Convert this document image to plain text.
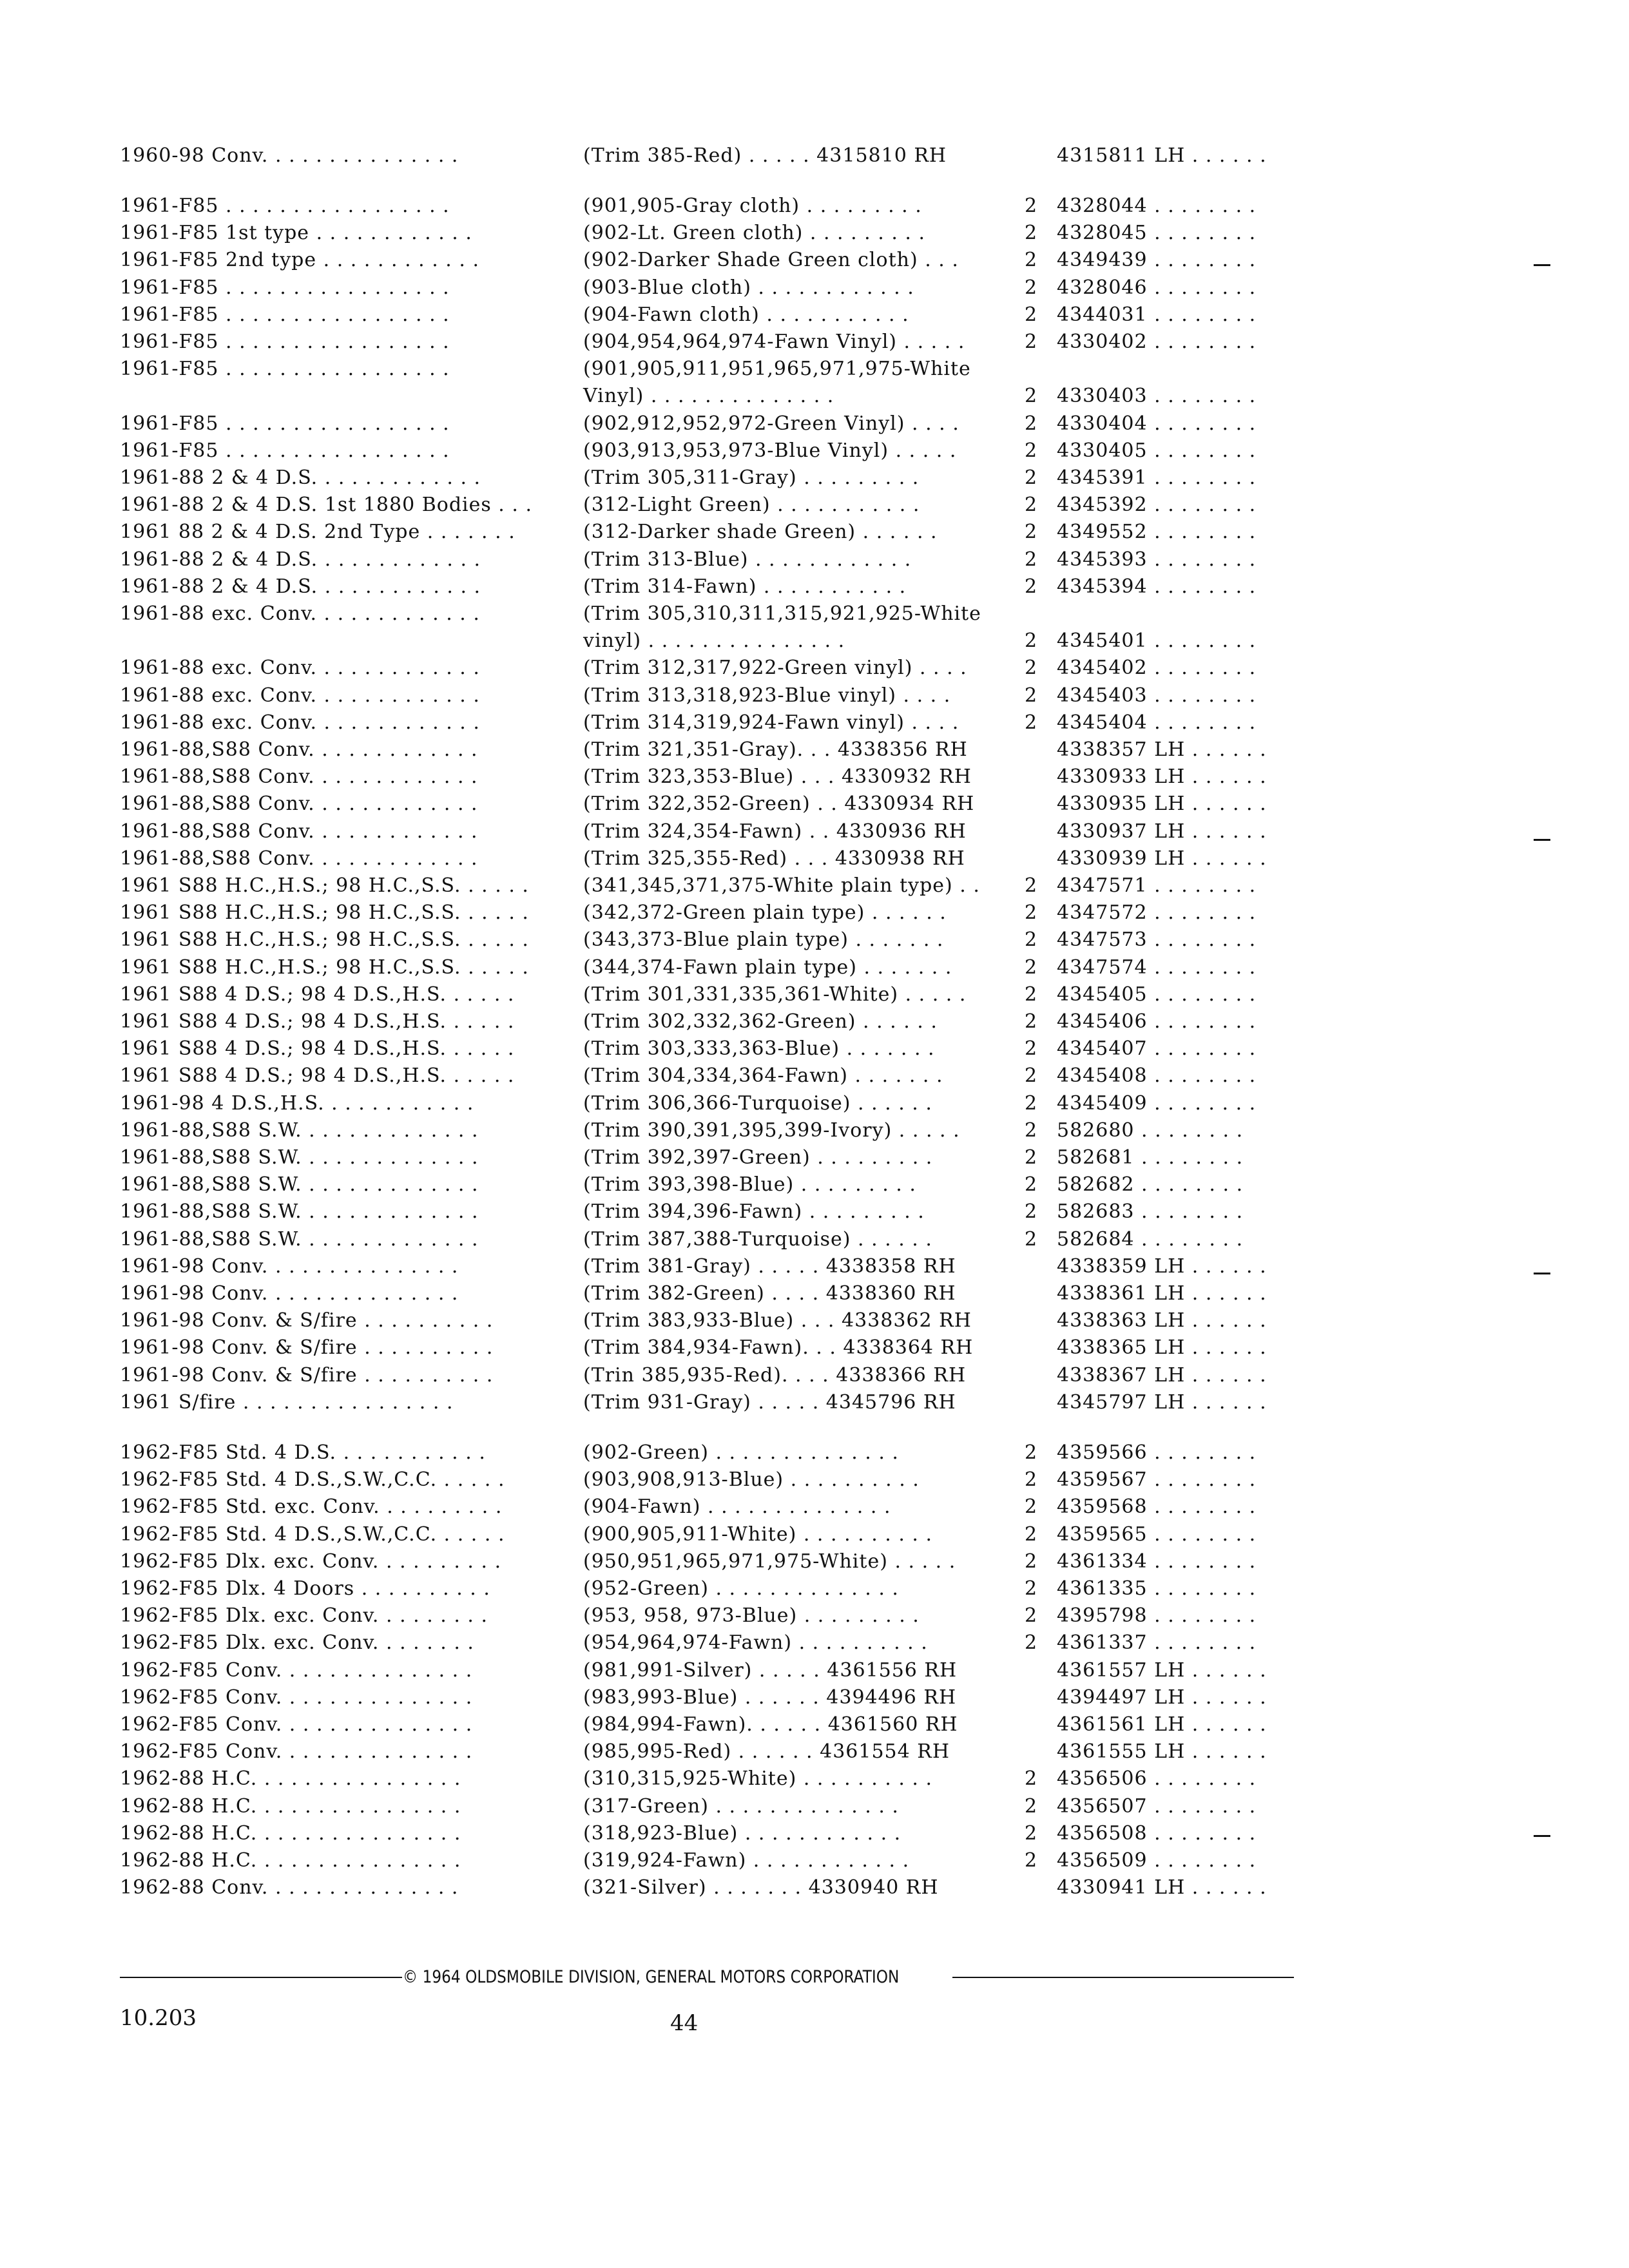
1960-98 Conv. . . . . . . . . . . . . . .	(Trim 385-Red) . . . . . 4315810 RH	4315811 LH . . . . . .
1961-F85 . . . . . . . . . . . . . . . . .	(901,905-Gray cloth) . . . . . . . . .	2 4328044 . . . . . . . .
1961-F85 1st type . . . . . . . . . . . .	(902-Lt. Green cloth) . . . . . . . . .	2 4328045 . . . . . . . .
1961-F85 2nd type . . . . . . . . . . . .	(902-Darker Shade Green cloth) . . .	2 4349439 . . . . . . . .
1961-F85 . . . . . . . . . . . . . . . . .	(903-Blue cloth) . . . . . . . . . . . .	2 4328046 . . . . . . . .
1961-F85 . . . . . . . . . . . . . . . . .	(904-Fawn cloth) . . . . . . . . . . .	2 4344031 . . . . . . . .
1961-F85 . . . . . . . . . . . . . . . . .	(904,954,964,974-Fawn Vinyl) . . . . .	2 4330402 . . . . . . . .
1961-F85 . . . . . . . . . . . . . . . . .	(901,905,911,951,965,971,975-White
Vinyl) . . . . . . . . . . . . . .	2 4330403 . . . . . . . .
1961-F85 . . . . . . . . . . . . . . . . .	(902,912,952,972-Green Vinyl) . . . .	2 4330404 . . . . . . . .
1961-F85 . . . . . . . . . . . . . . . . .	(903,913,953,973-Blue Vinyl) . . . . .	2 4330405 . . . . . . . .
1961-88 2 & 4 D.S. . . . . . . . . . . . .	(Trim 305,311-Gray) . . . . . . . . .	2 4345391 . . . . . . . .
1961-88 2 & 4 D.S. 1st 1880 Bodies . . .	(312-Light Green) . . . . . . . . . . .	2 4345392 . . . . . . . .
1961 88 2 & 4 D.S. 2nd Type . . . . . . .	(312-Darker shade Green) . . . . . .	2 4349552 . . . . . . . .
1961-88 2 & 4 D.S. . . . . . . . . . . . .	(Trim 313-Blue) . . . . . . . . . . . .	2 4345393 . . . . . . . .
1961-88 2 & 4 D.S. . . . . . . . . . . . .	(Trim 314-Fawn) . . . . . . . . . . .	2 4345394 . . . . . . . .
1961-88 exc. Conv. . . . . . . . . . . . .	(Trim 305,310,311,315,921,925-White
vinyl) . . . . . . . . . . . . . . .	2 4345401 . . . . . . . .
1961-88 exc. Conv. . . . . . . . . . . . .	(Trim 312,317,922-Green vinyl) . . . .	2 4345402 . . . . . . . .
1961-88 exc. Conv. . . . . . . . . . . . .	(Trim 313,318,923-Blue vinyl) . . . .	2 4345403 . . . . . . . .
1961-88 exc. Conv. . . . . . . . . . . . .	(Trim 314,319,924-Fawn vinyl) . . . .	2 4345404 . . . . . . . .
1961-88,S88 Conv. . . . . . . . . . . . .	(Trim 321,351-Gray). . . 4338356 RH	4338357 LH . . . . . .
1961-88,S88 Conv. . . . . . . . . . . . .	(Trim 323,353-Blue) . . . 4330932 RH	4330933 LH . . . . . .
1961-88,S88 Conv. . . . . . . . . . . . .	(Trim 322,352-Green) . . 4330934 RH	4330935 LH . . . . . .
1961-88,S88 Conv. . . . . . . . . . . . .	(Trim 324,354-Fawn) . . 4330936 RH	4330937 LH . . . . . .
1961-88,S88 Conv. . . . . . . . . . . . .	(Trim 325,355-Red) . . . 4330938 RH	4330939 LH . . . . . .
1961 S88 H.C.,H.S.; 98 H.C.,S.S. . . . . .	(341,345,371,375-White plain type) . . 2 4347571 . . . . . . . .
1961 S88 H.C.,H.S.; 98 H.C.,S.S. . . . . .	(342,372-Green plain type) . . . . . .	2 4347572 . . . . . . . .
1961 S88 H.C.,H.S.; 98 H.C.,S.S. . . . . .	(343,373-Blue plain type) . . . . . . .	2 4347573 . . . . . . . .
1961 S88 H.C.,H.S.; 98 H.C.,S.S. . . . . .	(344,374-Fawn plain type) . . . . . . .	2 4347574 . . . . . . . .
1961 S88 4 D.S.; 98 4 D.S.,H.S. . . . . .	(Trim 301,331,335,361-White) . . . . .	2 4345405 . . . . . . . .
1961 S88 4 D.S.; 98 4 D.S.,H.S. . . . . .	(Trim 302,332,362-Green) . . . . . .	2 4345406 . . . . . . . .
1961 S88 4 D.S.; 98 4 D.S.,H.S. . . . . .	(Trim 303,333,363-Blue) . . . . . . .	2 4345407 . . . . . . . .
1961 S88 4 D.S.; 98 4 D.S.,H.S. . . . . .	(Trim 304,334,364-Fawn) . . . . . . .	2 4345408 . . . . . . . .
1961-98 4 D.S.,H.S. . . . . . . . . . . .	(Trim 306,366-Turquoise) . . . . . .	2 4345409 . . . . . . . .
1961-88,S88 S.W. . . . . . . . . . . . . .	(Trim 390,391,395,399-Ivory) . . . . .	2 582680 . . . . . . . .
1961-88,S88 S.W. . . . . . . . . . . . . .	(Trim 392,397-Green) . . . . . . . . .	2 582681 . . . . . . . .
1961-88,S88 S.W. . . . . . . . . . . . . .	(Trim 393,398-Blue) . . . . . . . . .	2 582682 . . . . . . . .
1961-88,S88 S.W. . . . . . . . . . . . . .	(Trim 394,396-Fawn) . . . . . . . . .	2 582683 . . . . . . . .
1961-88,S88 S.W. . . . . . . . . . . . . .	(Trim 387,388-Turquoise) . . . . . .	2 582684 . . . . . . . .
1961-98 Conv. . . . . . . . . . . . . . .	(Trim 381-Gray) . . . . . 4338358 RH	4338359 LH . . . . . .
1961-98 Conv. . . . . . . . . . . . . . .	(Trim 382-Green) . . . . 4338360 RH	4338361 LH . . . . . .
1961-98 Conv. & S/fire . . . . . . . . . .	(Trim 383,933-Blue) . . . 4338362 RH	4338363 LH . . . . . .
1961-98 Conv. & S/fire . . . . . . . . . .	(Trim 384,934-Fawn). . . 4338364 RH	4338365 LH . . . . . .
1961-98 Conv. & S/fire . . . . . . . . . .	(Trin 385,935-Red). . . . 4338366 RH	4338367 LH . . . . . .
1961 S/fire . . . . . . . . . . . . . . . .	(Trim 931-Gray) . . . . . 4345796 RH	4345797 LH . . . . . .
1962-F85 Std. 4 D.S. . . . . . . . . . . .	(902-Green) . . . . . . . . . . . . . .	2 4359566 . . . . . . . .
1962-F85 Std. 4 D.S.,S.W.,C.C. . . . . .	(903,908,913-Blue) . . . . . . . . . .	2 4359567 . . . . . . . .
1962-F85 Std. exc. Conv. . . . . . . . . .	(904-Fawn) . . . . . . . . . . . . . .	2 4359568 . . . . . . . .
1962-F85 Std. 4 D.S.,S.W.,C.C. . . . . .	(900,905,911-White) . . . . . . . . . .	2 4359565 . . . . . . . .
1962-F85 Dlx. exc. Conv. . . . . . . . . .	(950,951,965,971,975-White) . . . . .	2 4361334 . . . . . . . .
1962-F85 Dlx. 4 Doors . . . . . . . . . .	(952-Green) . . . . . . . . . . . . . .	2 4361335 . . . . . . . .
1962-F85 Dlx. exc. Conv. . . . . . . . .	(953, 958, 973-Blue) . . . . . . . . .	2 4395798 . . . . . . . .
1962-F85 Dlx. exc. Conv. . . . . . . .	(954,964,974-Fawn) . . . . . . . . . .	2 4361337 . . . . . . . .
1962-F85 Conv. . . . . . . . . . . . . . .	(981,991-Silver) . . . . . 4361556 RH	4361557 LH . . . . . .
1962-F85 Conv. . . . . . . . . . . . . . .	(983,993-Blue) . . . . . . 4394496 RH	4394497 LH . . . . . .
1962-F85 Conv. . . . . . . . . . . . . . .	(984,994-Fawn). . . . . . 4361560 RH	4361561 LH . . . . . .
1962-F85 Conv. . . . . . . . . . . . . . .	(985,995-Red) . . . . . . 4361554 RH	4361555 LH . . . . . .
1962-88 H.C. . . . . . . . . . . . . . . .	(310,315,925-White) . . . . . . . . . .	2 4356506 . . . . . . . .
1962-88 H.C. . . . . . . . . . . . . . . .	(317-Green) . . . . . . . . . . . . . .	2 4356507 . . . . . . . .
1962-88 H.C. . . . . . . . . . . . . . . .	(318,923-Blue) . . . . . . . . . . . .	2 4356508 . . . . . . . .
1962-88 H.C. . . . . . . . . . . . . . . .	(319,924-Fawn) . . . . . . . . . . . .	2 4356509 . . . . . . . .
1962-88 Conv. . . . . . . . . . . . . . .	(321-Silver) . . . . . . . 4330940 RH	4330941 LH . . . . . .
© 1964 OLDSMOBILE DIVISION, GENERAL MOTORS CORPORATION
10.203	44
